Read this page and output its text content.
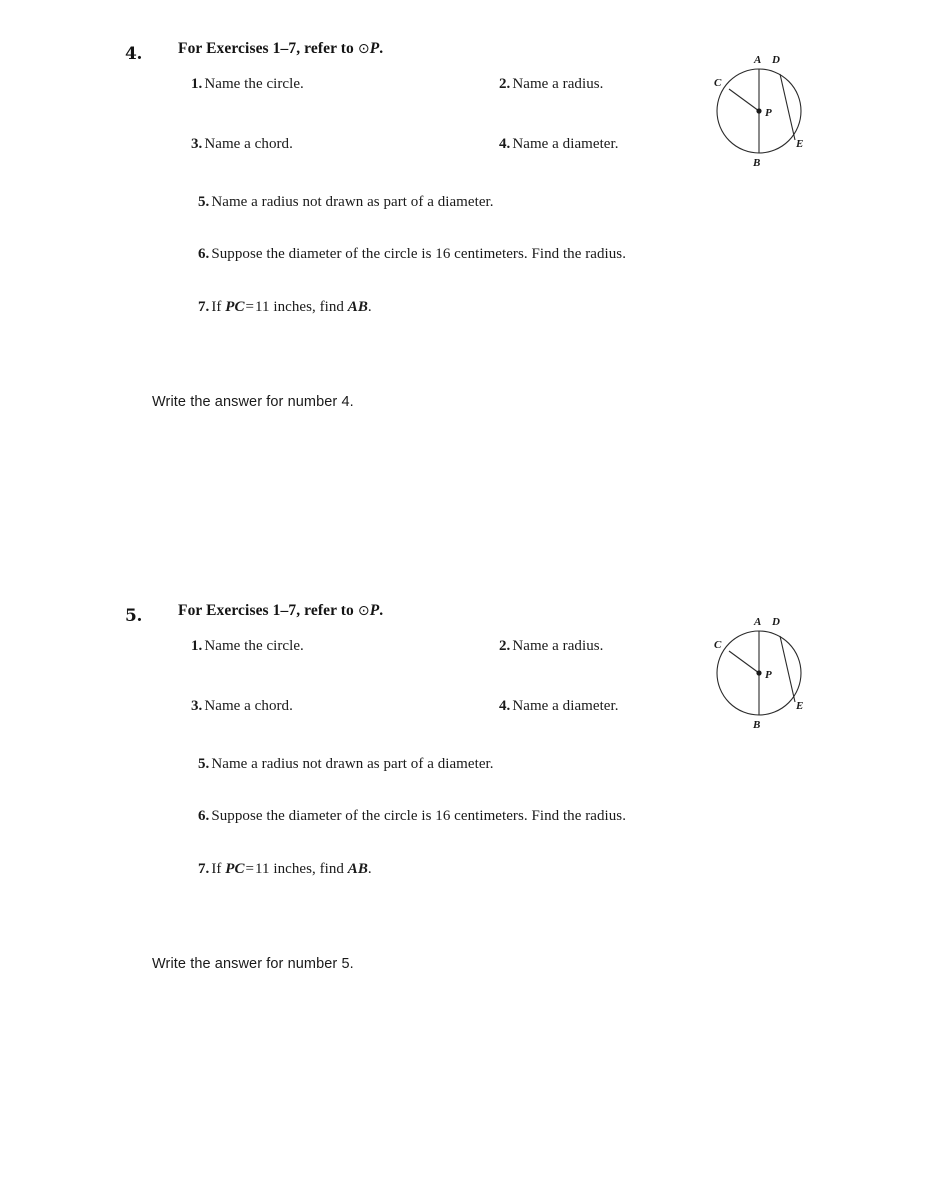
4. For Exercises 1–7, refer to ⊙P.
1. Name the circle.	2. Name a radius.
3. Name a chord.	4. Name a diameter.
5. Name a radius not drawn as part of a diameter.
6. Suppose the diameter of the circle is 16 centimeters. Find the radius.
7. If PC=11 inches, find AB.
Write the answer for number 4.
A D
C
P
E
B
5. For Exercises 1–7, refer to ⊙P.
1. Name the circle.	2. Name a radius.
3. Name a chord.	4. Name a diameter.
5. Name a radius not drawn as part of a diameter.
6. Suppose the diameter of the circle is 16 centimeters. Find the radius.
7. If PC=11 inches, find AB.
Write the answer for number 5.
A D
C
P
E
B
